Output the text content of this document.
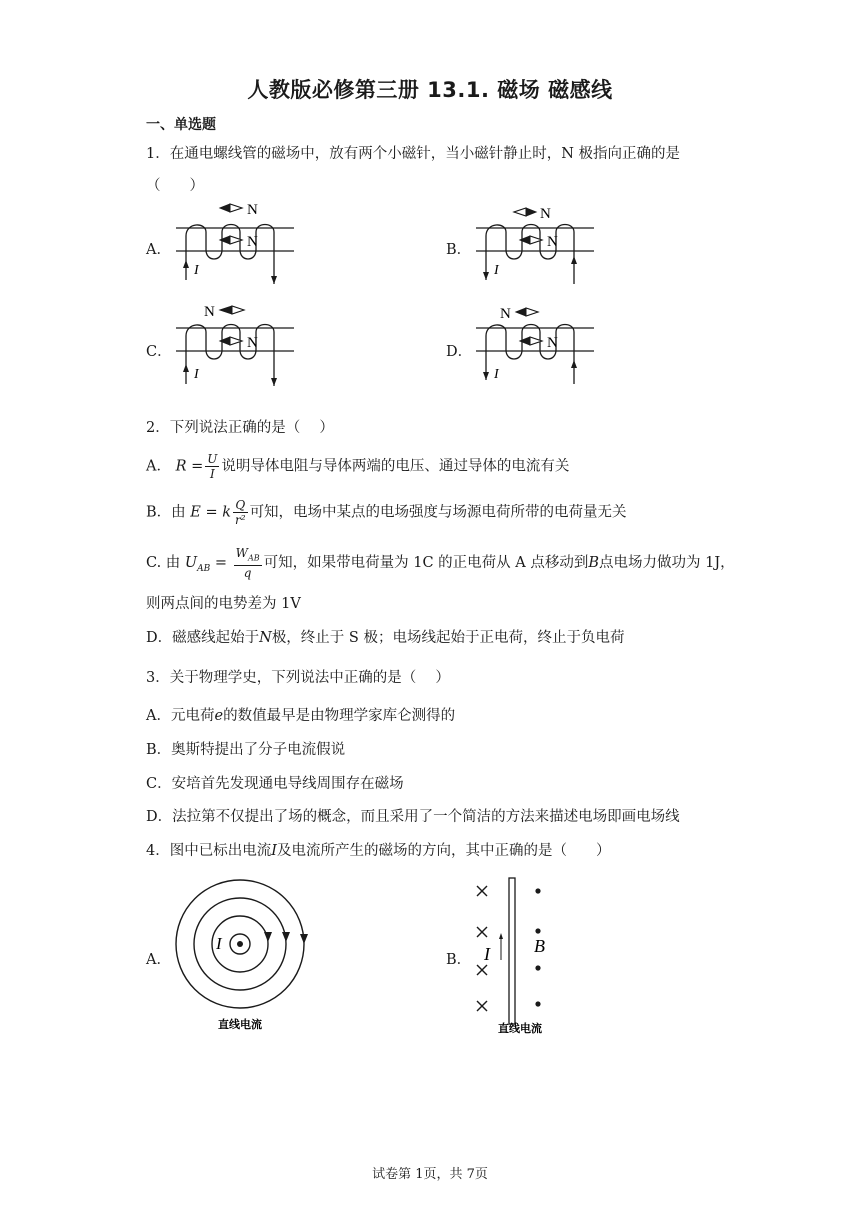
人教版必修第三册 13.1. 磁场 磁感线
一、单选题
1．在通电螺线管的磁场中，放有两个小磁针，当小磁针静止时，N 极指向正确的是
（　　）
A．	B．
C．	D．
N
N
I
N
N
I
N
N
I
N
N
I
2．下列说法正确的是（　 ）
A． $R = \frac{U}{I}$ 说明导体电阻与导体两端的电压、通过导体的电流有关
B．由 E = k $\frac{Q}{\text{r²}}$ 可知，电场中某点的电场强度与场源电荷所带的电荷量无关
C. 由 $U_{AB} = \frac{W_{AB}}{q}$ 可知，如果带电荷量为 1C 的正电荷从 A 点移动到B点电场力做功为 1J，
则两点间的电势差为 1V
D．磁感线起始于N极，终止于 S 极；电场线起始于正电荷，终止于负电荷
3．关于物理学史，下列说法中正确的是（　 ）
A．元电荷e的数值最早是由物理学家库仑测得的
B．奥斯特提出了分子电流假说
C．安培首先发现通电导线周围存在磁场
D．法拉第不仅提出了场的概念，而且采用了一个简洁的方法来描述电场即画电场线
4．图中已标出电流I及电流所产生的磁场的方向，其中正确的是（　　）
A．	B．
I
直线电流
I B
直线电流
试卷第 1页，共 7页
